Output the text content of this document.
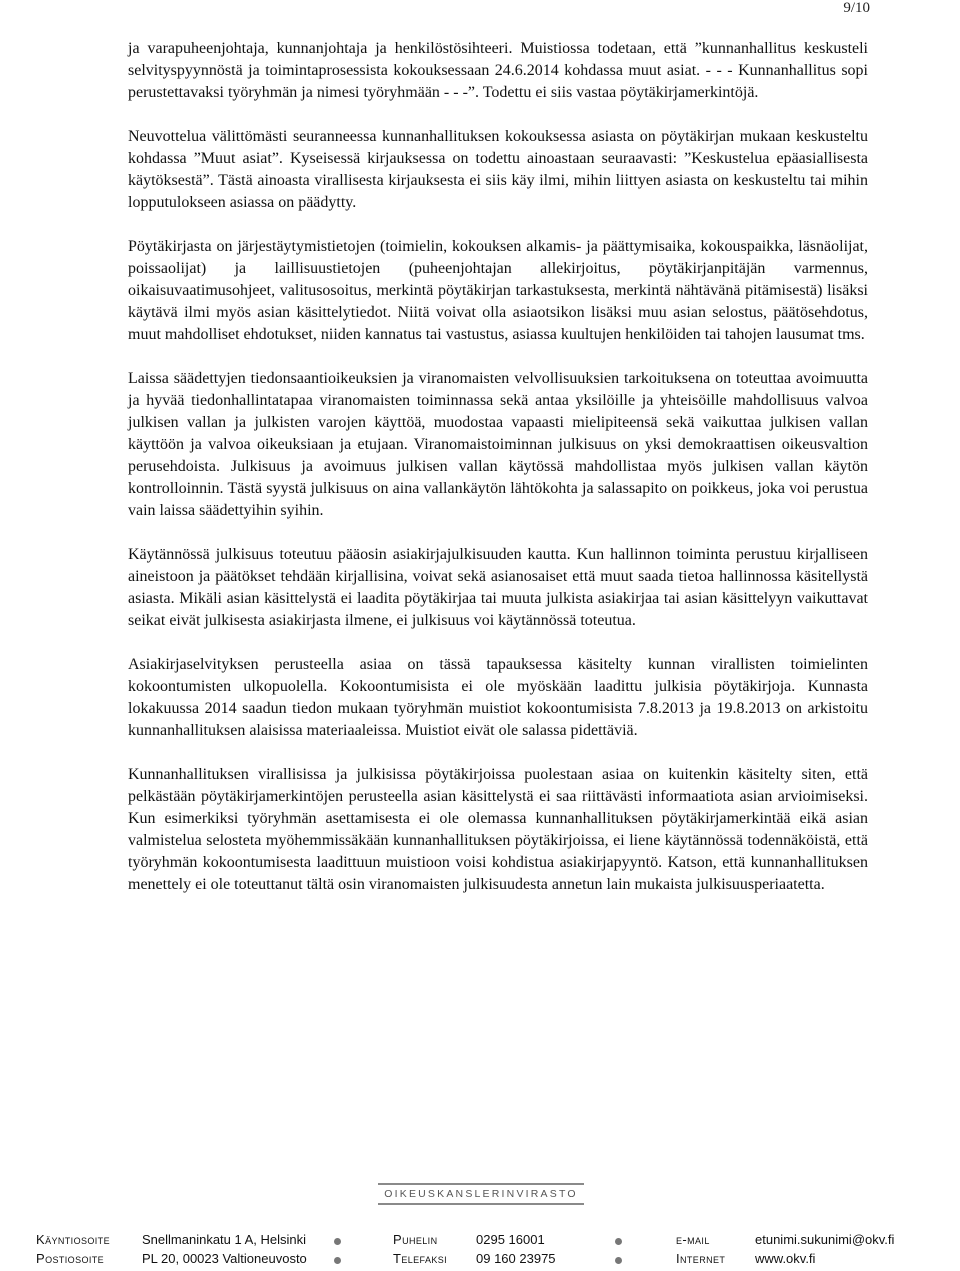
9/10

ja varapuheenjohtaja, kunnanjohtaja ja henkilöstösihteeri. Muistiossa todetaan, että ”kunnanhallitus keskusteli selvityspyynnöstä ja toimintaprosessista kokouksessaan 24.6.2014 kohdassa muut asiat. - - - Kunnanhallitus sopi perustettavaksi työryhmän ja nimesi työryhmään - - -”. Todettu ei siis vastaa pöytäkirjamerkintöjä.

Neuvottelua välittömästi seuranneessa kunnanhallituksen kokouksessa asiasta on pöytäkirjan mukaan keskusteltu kohdassa ”Muut asiat”. Kyseisessä kirjauksessa on todettu ainoastaan seuraavasti: ”Keskustelua epäasiallisesta käytöksestä”. Tästä ainoasta virallisesta kirjauksesta ei siis käy ilmi, mihin liittyen asiasta on keskusteltu tai mihin lopputulokseen asiassa on päädytty.

Pöytäkirjasta on järjestäytymistietojen (toimielin, kokouksen alkamis- ja päättymisaika, kokouspaikka, läsnäolijat, poissaolijat) ja laillisuustietojen (puheenjohtajan allekirjoitus, pöytäkirjanpitäjän varmennus, oikaisuvaatimusohjeet, valitusosoitus, merkintä pöytäkirjan tarkastuksesta, merkintä nähtävänä pitämisestä) lisäksi käytävä ilmi myös asian käsittelytiedot. Niitä voivat olla asiaotsikon lisäksi muu asian selostus, päätösehdotus, muut mahdolliset ehdotukset, niiden kannatus tai vastustus, asiassa kuultujen henkilöiden tai tahojen lausumat tms.

Laissa säädettyjen tiedonsaantioikeuksien ja viranomaisten velvollisuuksien tarkoituksena on toteuttaa avoimuutta ja hyvää tiedonhallintatapaa viranomaisten toiminnassa sekä antaa yksilöille ja yhteisöille mahdollisuus valvoa julkisen vallan ja julkisten varojen käyttöä, muodostaa vapaasti mielipiteensä sekä vaikuttaa julkisen vallan käyttöön ja valvoa oikeuksiaan ja etujaan. Viranomaistoiminnan julkisuus on yksi demokraattisen oikeusvaltion perusehdoista. Julkisuus ja avoimuus julkisen vallan käytössä mahdollistaa myös julkisen vallan käytön kontrolloinnin. Tästä syystä julkisuus on aina vallankäytön lähtökohta ja salassapito on poikkeus, joka voi perustua vain laissa säädettyihin syihin.

Käytännössä julkisuus toteutuu pääosin asiakirjajulkisuuden kautta. Kun hallinnon toiminta perustuu kirjalliseen aineistoon ja päätökset tehdään kirjallisina, voivat sekä asianosaiset että muut saada tietoa hallinnossa käsitellystä asiasta. Mikäli asian käsittelystä ei laadita pöytäkirjaa tai muuta julkista asiakirjaa tai asian käsittelyyn vaikuttavat seikat eivät julkisesta asiakirjasta ilmene, ei julkisuus voi käytännössä toteutua.

Asiakirjaselvityksen perusteella asiaa on tässä tapauksessa käsitelty kunnan virallisten toimielinten kokoontumisten ulkopuolella. Kokoontumisista ei ole myöskään laadittu julkisia pöytäkirjoja. Kunnasta lokakuussa 2014 saadun tiedon mukaan työryhmän muistiot kokoontumisista 7.8.2013 ja 19.8.2013 on arkistoitu kunnanhallituksen alaisissa materiaaleissa. Muistiot eivät ole salassa pidettäviä.

Kunnanhallituksen virallisissa ja julkisissa pöytäkirjoissa puolestaan asiaa on kuitenkin käsitelty siten, että pelkästään pöytäkirjamerkintöjen perusteella asian käsittelystä ei saa riittävästi informaatiota asian arvioimiseksi. Kun esimerkiksi työryhmän asettamisesta ei ole olemassa kunnanhallituksen pöytäkirjamerkintää eikä asian valmistelua selosteta myöhemmissäkään kunnanhallituksen pöytäkirjoissa, ei liene käytännössä todennäköistä, että työryhmän kokoontumisesta laadittuun muistioon voisi kohdistua asiakirjapyyntö. Katson, että kunnanhallituksen menettely ei ole toteuttanut tältä osin viranomaisten julkisuudesta annetun lain mukaista julkisuusperiaatetta.

OIKEUSKANSLERINVIRASTO
Käyntiosoite Snellmaninkatu 1 A, Helsinki	Puhelin	0295 16001	e-mail	etunimi.sukunimi@okv.fi
Postiosoite	PL 20, 00023 Valtioneuvosto	Telefaksi 09 160 23975	Internet www.okv.fi
